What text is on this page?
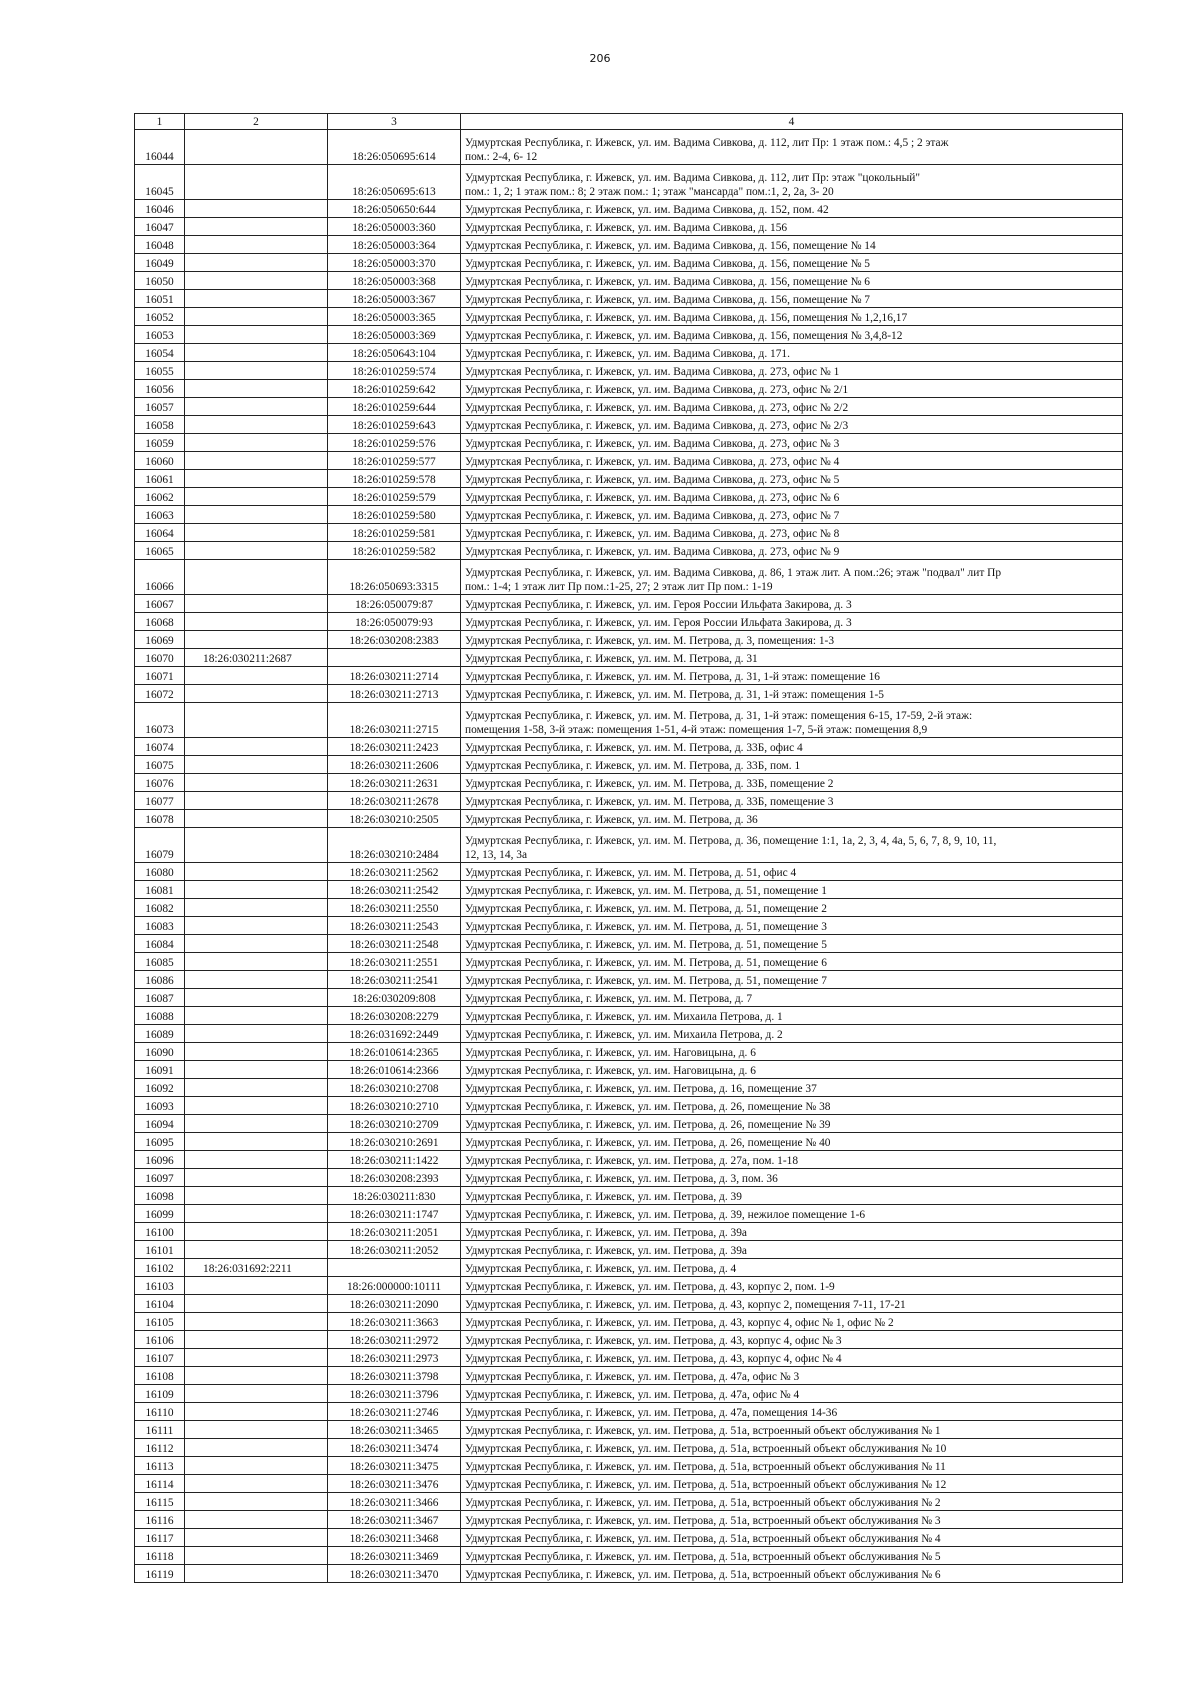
206
1	2	3	4
16044		18:26:050695:614	Удмуртская Республика, г. Ижевск, ул. им. Вадима Сивкова, д. 112, лит Пр: 1 этаж пом.: 4,5 ; 2 этаж
пом.: 2-4, 6- 12

16045		18:26:050695:613	Удмуртская Республика, г. Ижевск, ул. им. Вадима Сивкова, д. 112, лит Пр: этаж "цокольный"
пом.: 1, 2; 1 этаж пом.: 8; 2 этаж пом.: 1; этаж "мансарда" пом.:1, 2, 2а, 3- 20

16046		18:26:050650:644	Удмуртская Республика, г. Ижевск, ул. им. Вадима Сивкова, д. 152, пом. 42

16047		18:26:050003:360	Удмуртская Республика, г. Ижевск, ул. им. Вадима Сивкова, д. 156

16048		18:26:050003:364	Удмуртская Республика, г. Ижевск, ул. им. Вадима Сивкова, д. 156, помещение № 14

16049		18:26:050003:370	Удмуртская Республика, г. Ижевск, ул. им. Вадима Сивкова, д. 156, помещение № 5

16050		18:26:050003:368	Удмуртская Республика, г. Ижевск, ул. им. Вадима Сивкова, д. 156, помещение № 6

16051		18:26:050003:367	Удмуртская Республика, г. Ижевск, ул. им. Вадима Сивкова, д. 156, помещение № 7

16052		18:26:050003:365	Удмуртская Республика, г. Ижевск, ул. им. Вадима Сивкова, д. 156, помещения № 1,2,16,17

16053		18:26:050003:369	Удмуртская Республика, г. Ижевск, ул. им. Вадима Сивкова, д. 156, помещения № 3,4,8-12

16054		18:26:050643:104	Удмуртская Республика, г. Ижевск, ул. им. Вадима Сивкова, д. 171.

16055		18:26:010259:574	Удмуртская Республика, г. Ижевск, ул. им. Вадима Сивкова, д. 273, офис № 1

16056		18:26:010259:642	Удмуртская Республика, г. Ижевск, ул. им. Вадима Сивкова, д. 273, офис № 2/1

16057		18:26:010259:644	Удмуртская Республика, г. Ижевск, ул. им. Вадима Сивкова, д. 273, офис № 2/2

16058		18:26:010259:643	Удмуртская Республика, г. Ижевск, ул. им. Вадима Сивкова, д. 273, офис № 2/3

16059		18:26:010259:576	Удмуртская Республика, г. Ижевск, ул. им. Вадима Сивкова, д. 273, офис № 3

16060		18:26:010259:577	Удмуртская Республика, г. Ижевск, ул. им. Вадима Сивкова, д. 273, офис № 4

16061		18:26:010259:578	Удмуртская Республика, г. Ижевск, ул. им. Вадима Сивкова, д. 273, офис № 5

16062		18:26:010259:579	Удмуртская Республика, г. Ижевск, ул. им. Вадима Сивкова, д. 273, офис № 6

16063		18:26:010259:580	Удмуртская Республика, г. Ижевск, ул. им. Вадима Сивкова, д. 273, офис № 7

16064		18:26:010259:581	Удмуртская Республика, г. Ижевск, ул. им. Вадима Сивкова, д. 273, офис № 8

16065		18:26:010259:582	Удмуртская Республика, г. Ижевск, ул. им. Вадима Сивкова, д. 273, офис № 9

16066		18:26:050693:3315	Удмуртская Республика, г. Ижевск, ул. им. Вадима Сивкова, д. 86, 1 этаж лит. А пом.:26; этаж "подвал" лит Пр
пом.: 1-4; 1 этаж лит Пр пом.:1-25, 27; 2 этаж лит Пр пом.: 1-19

16067		18:26:050079:87	Удмуртская Республика, г. Ижевск, ул. им. Героя России Ильфата Закирова, д. 3

16068		18:26:050079:93	Удмуртская Республика, г. Ижевск, ул. им. Героя России Ильфата Закирова, д. 3

16069		18:26:030208:2383	Удмуртская Республика, г. Ижевск, ул. им. М. Петрова, д. 3, помещения: 1-3

16070	18:26:030211:2687		Удмуртская Республика, г. Ижевск, ул. им. М. Петрова, д. 31

16071		18:26:030211:2714	Удмуртская Республика, г. Ижевск, ул. им. М. Петрова, д. 31, 1-й этаж: помещение 16

16072		18:26:030211:2713	Удмуртская Республика, г. Ижевск, ул. им. М. Петрова, д. 31, 1-й этаж: помещения 1-5

16073		18:26:030211:2715	Удмуртская Республика, г. Ижевск, ул. им. М. Петрова, д. 31, 1-й этаж: помещения 6-15, 17-59, 2-й этаж:
помещения 1-58, 3-й этаж: помещения 1-51, 4-й этаж: помещения 1-7, 5-й этаж: помещения 8,9

16074		18:26:030211:2423	Удмуртская Республика, г. Ижевск, ул. им. М. Петрова, д. 33Б, офис 4

16075		18:26:030211:2606	Удмуртская Республика, г. Ижевск, ул. им. М. Петрова, д. 33Б, пом. 1

16076		18:26:030211:2631	Удмуртская Республика, г. Ижевск, ул. им. М. Петрова, д. 33Б, помещение 2

16077		18:26:030211:2678	Удмуртская Республика, г. Ижевск, ул. им. М. Петрова, д. 33Б, помещение 3

16078		18:26:030210:2505	Удмуртская Республика, г. Ижевск, ул. им. М. Петрова, д. 36

16079		18:26:030210:2484	Удмуртская Республика, г. Ижевск, ул. им. М. Петрова, д. 36, помещение 1:1, 1а, 2, 3, 4, 4а, 5, 6, 7, 8, 9, 10, 11,
12, 13, 14, 3а

16080		18:26:030211:2562	Удмуртская Республика, г. Ижевск, ул. им. М. Петрова, д. 51, офис 4

16081		18:26:030211:2542	Удмуртская Республика, г. Ижевск, ул. им. М. Петрова, д. 51, помещение 1

16082		18:26:030211:2550	Удмуртская Республика, г. Ижевск, ул. им. М. Петрова, д. 51, помещение 2

16083		18:26:030211:2543	Удмуртская Республика, г. Ижевск, ул. им. М. Петрова, д. 51, помещение 3

16084		18:26:030211:2548	Удмуртская Республика, г. Ижевск, ул. им. М. Петрова, д. 51, помещение 5

16085		18:26:030211:2551	Удмуртская Республика, г. Ижевск, ул. им. М. Петрова, д. 51, помещение 6

16086		18:26:030211:2541	Удмуртская Республика, г. Ижевск, ул. им. М. Петрова, д. 51, помещение 7

16087		18:26:030209:808	Удмуртская Республика, г. Ижевск, ул. им. М. Петрова, д. 7

16088		18:26:030208:2279	Удмуртская Республика, г. Ижевск, ул. им. Михаила Петрова, д. 1

16089		18:26:031692:2449	Удмуртская Республика, г. Ижевск, ул. им. Михаила Петрова, д. 2

16090		18:26:010614:2365	Удмуртская Республика, г. Ижевск, ул. им. Наговицына, д. 6

16091		18:26:010614:2366	Удмуртская Республика, г. Ижевск, ул. им. Наговицына, д. 6

16092		18:26:030210:2708	Удмуртская Республика, г. Ижевск, ул. им. Петрова, д. 16, помещение 37

16093		18:26:030210:2710	Удмуртская Республика, г. Ижевск, ул. им. Петрова, д. 26, помещение № 38

16094		18:26:030210:2709	Удмуртская Республика, г. Ижевск, ул. им. Петрова, д. 26, помещение № 39

16095		18:26:030210:2691	Удмуртская Республика, г. Ижевск, ул. им. Петрова, д. 26, помещение № 40

16096		18:26:030211:1422	Удмуртская Республика, г. Ижевск, ул. им. Петрова, д. 27а, пом. 1-18

16097		18:26:030208:2393	Удмуртская Республика, г. Ижевск, ул. им. Петрова, д. 3, пом. 36

16098		18:26:030211:830	Удмуртская Республика, г. Ижевск, ул. им. Петрова, д. 39

16099		18:26:030211:1747	Удмуртская Республика, г. Ижевск, ул. им. Петрова, д. 39, нежилое помещение 1-6

16100		18:26:030211:2051	Удмуртская Республика, г. Ижевск, ул. им. Петрова, д. 39а

16101		18:26:030211:2052	Удмуртская Республика, г. Ижевск, ул. им. Петрова, д. 39а

16102	18:26:031692:2211		Удмуртская Республика, г. Ижевск, ул. им. Петрова, д. 4

16103		18:26:000000:10111	Удмуртская Республика, г. Ижевск, ул. им. Петрова, д. 43, корпус 2, пом. 1-9

16104		18:26:030211:2090	Удмуртская Республика, г. Ижевск, ул. им. Петрова, д. 43, корпус 2, помещения 7-11, 17-21

16105		18:26:030211:3663	Удмуртская Республика, г. Ижевск, ул. им. Петрова, д. 43, корпус 4, офис № 1, офис № 2

16106		18:26:030211:2972	Удмуртская Республика, г. Ижевск, ул. им. Петрова, д. 43, корпус 4, офис № 3

16107		18:26:030211:2973	Удмуртская Республика, г. Ижевск, ул. им. Петрова, д. 43, корпус 4, офис № 4

16108		18:26:030211:3798	Удмуртская Республика, г. Ижевск, ул. им. Петрова, д. 47а, офис № 3

16109		18:26:030211:3796	Удмуртская Республика, г. Ижевск, ул. им. Петрова, д. 47а, офис № 4

16110		18:26:030211:2746	Удмуртская Республика, г. Ижевск, ул. им. Петрова, д. 47а, помещения 14-36

16111		18:26:030211:3465	Удмуртская Республика, г. Ижевск, ул. им. Петрова, д. 51а, встроенный объект обслуживания № 1

16112		18:26:030211:3474	Удмуртская Республика, г. Ижевск, ул. им. Петрова, д. 51а, встроенный объект обслуживания № 10

16113		18:26:030211:3475	Удмуртская Республика, г. Ижевск, ул. им. Петрова, д. 51а, встроенный объект обслуживания № 11

16114		18:26:030211:3476	Удмуртская Республика, г. Ижевск, ул. им. Петрова, д. 51а, встроенный объект обслуживания № 12

16115		18:26:030211:3466	Удмуртская Республика, г. Ижевск, ул. им. Петрова, д. 51а, встроенный объект обслуживания № 2

16116		18:26:030211:3467	Удмуртская Республика, г. Ижевск, ул. им. Петрова, д. 51а, встроенный объект обслуживания № 3

16117		18:26:030211:3468	Удмуртская Республика, г. Ижевск, ул. им. Петрова, д. 51а, встроенный объект обслуживания № 4

16118		18:26:030211:3469	Удмуртская Республика, г. Ижевск, ул. им. Петрова, д. 51а, встроенный объект обслуживания № 5

16119		18:26:030211:3470	Удмуртская Республика, г. Ижевск, ул. им. Петрова, д. 51а, встроенный объект обслуживания № 6
